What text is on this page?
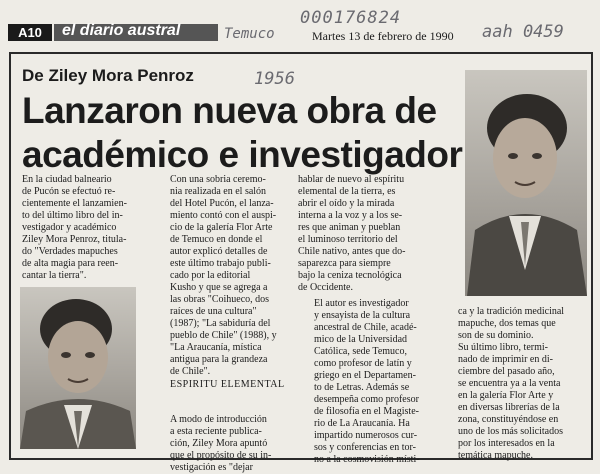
A10	el diario austral	Temuco	Martes 13 de febrero de 1990
000176824
aah 0459
De Ziley Mora Penroz	1956
Lanzaron nueva obra de
académico e investigador
En la ciudad balneario
de Pucón se efectuó re-
cientemente el lanzamien-
to del último libro del in-
vestigador y académico
Ziley Mora Penroz, titula-
do "Verdades mapuches
de alta magia para reen-
cantar la tierra".
Con una sobria ceremo-
nia realizada en el salón
del Hotel Pucón, el lanza-
miento contó con el auspi-
cio de la galería Flor Arte
de Temuco en donde el
autor explicó detalles de
este último trabajo publi-
cado por la editorial
Kusho y que se agrega a
las obras "Coihueco, dos
raíces de una cultura"
(1987); "La sabiduría del
pueblo de Chile" (1988), y
"La Araucanía, mística
antigua para la grandeza
de Chile".

A modo de introducción
a esta reciente publica-
ción, Ziley Mora apuntó
que el propósito de su in-
vestigación es "dejar
ESPIRITU ELEMENTAL
hablar de nuevo al espíritu
elemental de la tierra, es
abrir el oído y la mirada
interna a la voz y a los se-
res que animan y pueblan
el luminoso territorio del
Chile nativo, antes que do-
saparezca para siempre
bajo la ceniza tecnológica
de Occidente.
El autor es investigador
y ensayista de la cultura
ancestral de Chile, acadé-
mico de la Universidad
Católica, sede Temuco,
como profesor de latín y
griego en el Departamen-
to de Letras. Además se
desempeña como profesor
de filosofía en el Magiste-
rio de La Araucanía. Ha
impartido numerosos cur-
sos y conferencias en tor-
no a la cosmovisión místi-
ca y la tradición medicinal
mapuche, dos temas que
son de su dominio.
Su último libro, termi-
nado de imprimir en di-
ciembre del pasado año,
se encuentra ya a la venta
en la galería Flor Arte y
en diversas librerías de la
zona, constituyéndose en
uno de los más solicitados
por los interesados en la
temática mapuche.
